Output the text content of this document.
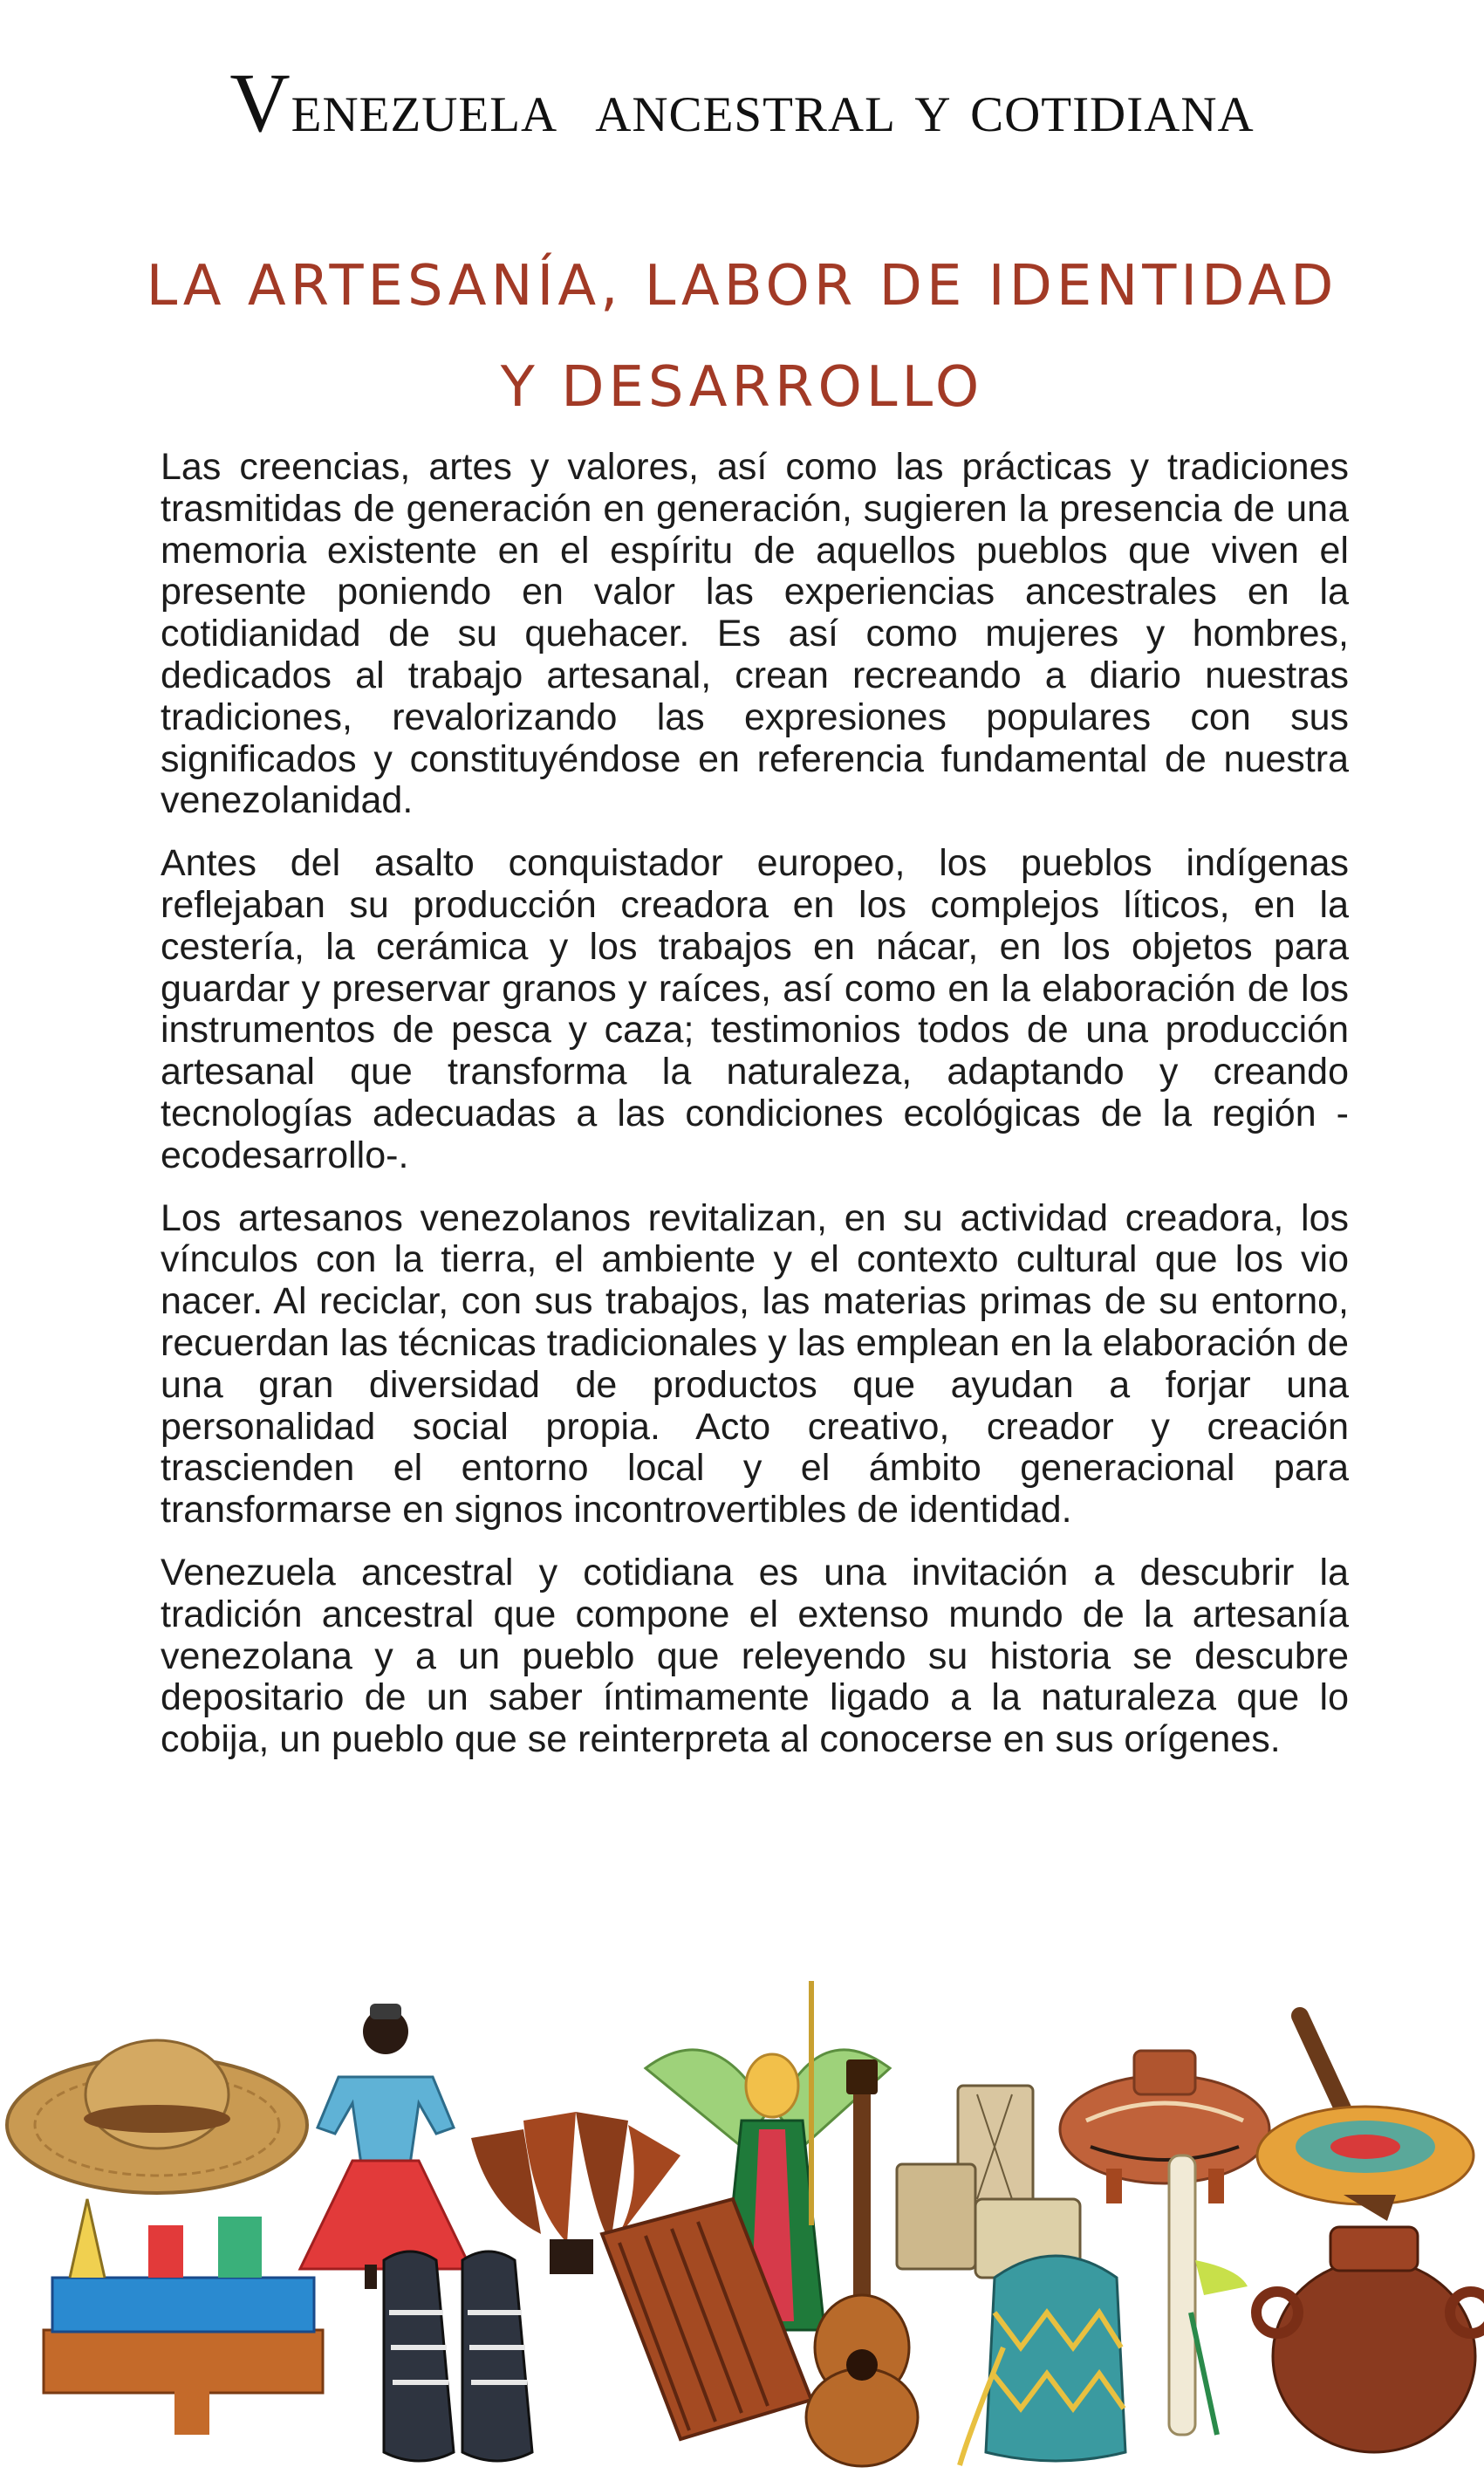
Venezuela  ancestral y cotidiana
LA ARTESANÍA, LABOR DE IDENTIDAD
Y DESARROLLO

Las creencias, artes y valores, así como las prácticas y tradiciones trasmitidas de generación en generación, sugieren la presencia de una memoria existente en el espíritu de aquellos pueblos que viven el presente poniendo en valor las experiencias ancestrales en la cotidianidad de su quehacer. Es así como mujeres y hombres, dedicados al trabajo artesanal, crean recreando a diario nuestras tradiciones, revalorizando las expresiones populares con sus significados y constituyéndose en referencia fundamental de nuestra venezolanidad.

Antes del asalto conquistador europeo, los pueblos indígenas reflejaban su producción creadora en los complejos líticos, en la cestería, la cerámica y los trabajos en nácar, en los objetos para guardar y preservar granos y raíces, así como en la elaboración de los instrumentos de pesca y caza; testimonios todos de una producción artesanal que transforma la naturaleza, adaptando y creando tecnologías adecuadas a las condiciones ecológicas de la región -ecodesarrollo-.

Los artesanos venezolanos revitalizan, en su actividad creadora, los vínculos con la tierra, el ambiente y el contexto cultural que los vio nacer. Al reciclar, con sus trabajos, las materias primas de su entorno, recuerdan las técnicas tradicionales y las emplean en la elaboración de una gran diversidad de productos que ayudan a forjar una personalidad social propia. Acto creativo, creador y creación trascienden el entorno local y el ámbito generacional para transformarse en signos incontrovertibles de identidad.

Venezuela ancestral y cotidiana es una invitación a descubrir la tradición ancestral que compone el extenso mundo de la artesanía venezolana y a un pueblo que releyendo su historia se descubre depositario de un saber íntimamente ligado a la naturaleza que lo cobija, un pueblo que se reinterpreta al conocerse en sus orígenes.
